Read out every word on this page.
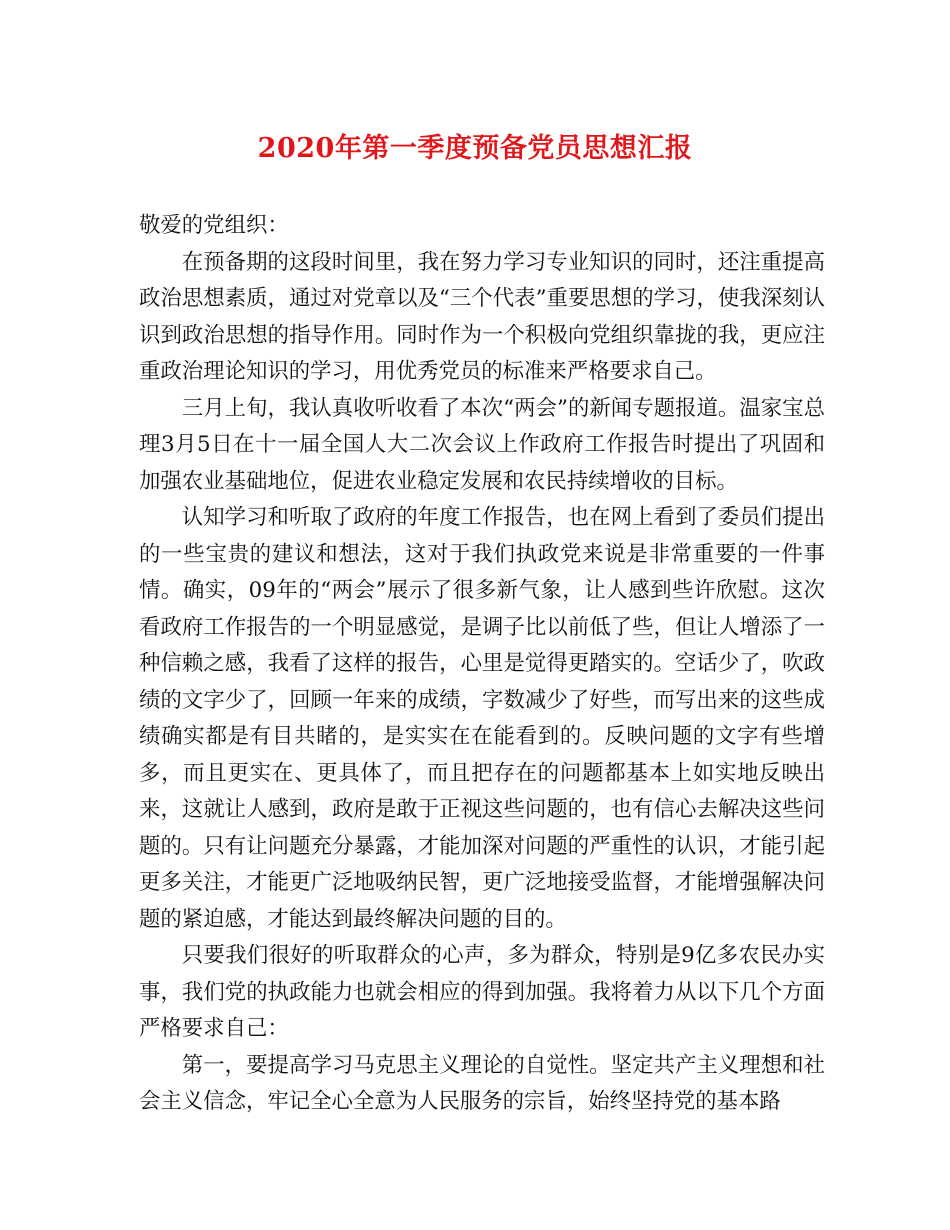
2020年第一季度预备党员思想汇报

敬爱的党组织：

在预备期的这段时间里，我在努力学习专业知识的同时，还注重提高政治思想素质，通过对党章以及“三个代表”重要思想的学习，使我深刻认识到政治思想的指导作用。同时作为一个积极向党组织靠拢的我，更应注重政治理论知识的学习，用优秀党员的标准来严格要求自己。

三月上旬，我认真收听收看了本次“两会”的新闻专题报道。温家宝总理3月5日在十一届全国人大二次会议上作政府工作报告时提出了巩固和加强农业基础地位，促进农业稳定发展和农民持续增收的目标。

认知学习和听取了政府的年度工作报告，也在网上看到了委员们提出的一些宝贵的建议和想法，这对于我们执政党来说是非常重要的一件事情。确实，09年的“两会”展示了很多新气象，让人感到些许欣慰。这次看政府工作报告的一个明显感觉，是调子比以前低了些，但让人增添了一种信赖之感，我看了这样的报告，心里是觉得更踏实的。空话少了，吹政绩的文字少了，回顾一年来的成绩，字数减少了好些，而写出来的这些成绩确实都是有目共睹的，是实实在在能看到的。反映问题的文字有些增多，而且更实在、更具体了，而且把存在的问题都基本上如实地反映出来，这就让人感到，政府是敢于正视这些问题的，也有信心去解决这些问题的。只有让问题充分暴露，才能加深对问题的严重性的认识，才能引起更多关注，才能更广泛地吸纳民智，更广泛地接受监督，才能增强解决问题的紧迫感，才能达到最终解决问题的目的。

只要我们很好的听取群众的心声，多为群众，特别是9亿多农民办实事，我们党的执政能力也就会相应的得到加强。我将着力从以下几个方面严格要求自己：

第一，要提高学习马克思主义理论的自觉性。坚定共产主义理想和社会主义信念，牢记全心全意为人民服务的宗旨，始终坚持党的基本路
